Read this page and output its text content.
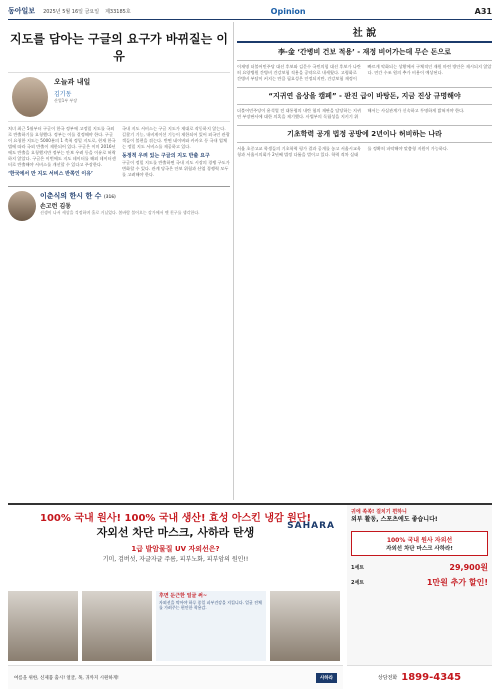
동아일보 2025년 5월 16일 금요일 제33185호	Opinion	A31
지도를 담아는 구글의 요구가 바뀌질는 이유
오늘과 내일
김기동
산업1부 부장
처녀 최근 5월부터 구글이 한국 정부에 고정밀 지도를 국외로 반출하기를 요청했다. 정부는 이를 결정해야 한다. 구글이 요청한 지도는 5000분의 1 축척 정밀 지도로, 현재 한국 법에 따라 국외 반출이 제한되어 있다. 구글은 이미 2016년에도 반출을 요청했지만 정부는 안보 우려 등을 이유로 허락하지 않았다. 구글은 이번에도 지도 데이터를 해외 데이터센터로 반출해야 서비스를 개선할 수 있다고 주장한다.
‘한국에서 만 지도 서비스 반쪽인 이유’
국내 지도 서비스는 구글 지도가 제대로 작동하지 않는다. 길찾기 기능, 내비게이션 기능이 제한되어 있어 외국인 관광객들이 불편을 겪는다. 반면 네이버와 카카오 등 국내 업체는 정밀 지도 서비스를 제공하고 있다.
동정적 우려 있는 구글의 지도 반출 요구
구글이 정밀 지도를 반출하면 국내 지도 시장의 경쟁 구도가 변화할 수 있다. 관계 당국은 안보 위험과 산업 경쟁력 모두를 고려해야 한다.
이춘식의 한시 한 수 (316)
손고런 김동
선생이 나서 세상을 걱정하며 홀로 거닐었다. 봄바람 불어오는 강가에서 옛 친구를 생각한다.
社 說
李-金 ‘간병비 건보 적용’ - 재정 비어가는데 무슨 돈으로
이재명 더불어민주당 대선 후보와 김문수 국민의힘 대선 후보가 나란히 요양병원 간병비 건강보험 적용을 공약으로 내세웠다. 고령화로 간병비 부담이 커지는 만큼 필요성은 인정되지만, 건강보험 재정이 빠르게 악화되는 상황에서 구체적인 재원 마련 방안은 제시되지 않았다. 연간 수조 원의 추가 비용이 예상된다.
“지귀연 음상을 캠페” - 판진 급이 바탕돈, 지금 진상 규명해야
더불어민주당이 윤석열 전 대통령의 내란 혐의 재판을 담당하는 지귀연 부장판사에 대한 의혹을 제기했다. 사법부의 독립성을 지키기 위해서는 사실관계가 신속하고 투명하게 밝혀져야 한다.
기초학력 공개 법정 공방에 2년이나 허비하는 나라
서울 초중고교 학생들의 기초학력 평가 결과 공개를 놓고 서울시교육청과 서울시의회가 2년째 법정 다툼을 벌이고 있다. 학력 격차 실태를 정확히 파악해야 맞춤형 지원이 가능하다.
100% 국내 원사! 100% 국내 생산! 효성 아스킨 냉감 원단!
자외선 차단 마스크, 사하라 탄생	SAHARA
1급 발암물질 UV 자외선은?
기미, 검버섯, 자글자글 주름, 피부노화, 피부암의 원인!!
후면 둔근한 얼굴 써~
자외선을 막아야 하루 종일 피부건강을 지킵니다. 얼굴 전체를 가려주는 편안한 착용감.
여름을 위한, 신제품 출시! 얼굴, 목, 귀까지 시원하게!	사하라
귀에 쏙쏙! 걸치기 편하니
외부 활동, 스포츠에도 좋습니다!
100% 국내 원사 자외선
자외선 차단 마스크 사하라!
1세트	29,900원
2세트	1만원 추가 할인!
상담전화 1899-4345
